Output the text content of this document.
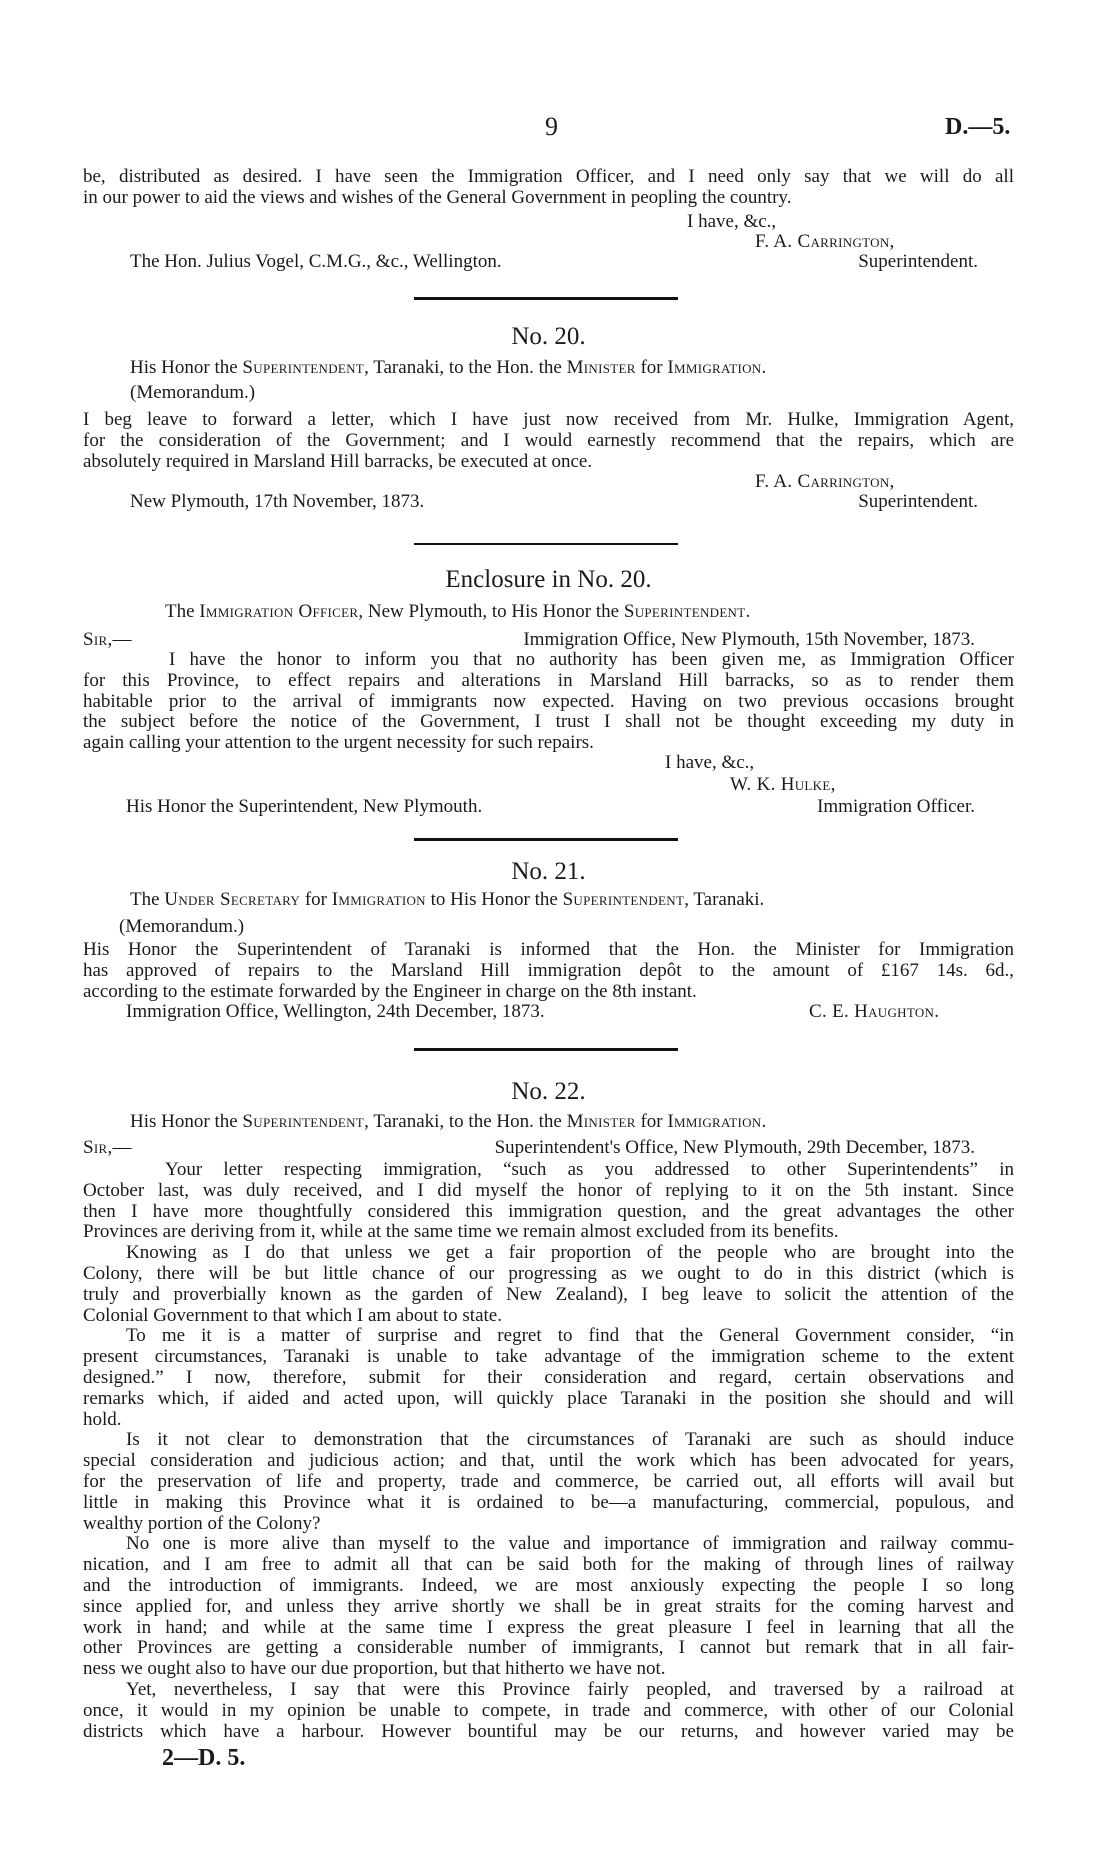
9	D.—5.
be, distributed as desired. I have seen the Immigration Officer, and I need only say that we will do all
in our power to aid the views and wishes of the General Government in peopling the country.
I have, &c.,
F. A. Carrington,
The Hon. Julius Vogel, C.M.G., &c., Wellington.	Superintendent.
No. 20.
His Honor the Superintendent, Taranaki, to the Hon. the Minister for Immigration.
(Memorandum.)
I beg leave to forward a letter, which I have just now received from Mr. Hulke, Immigration Agent,
for the consideration of the Government; and I would earnestly recommend that the repairs, which are
absolutely required in Marsland Hill barracks, be executed at once.
F. A. Carrington,
New Plymouth, 17th November, 1873.	Superintendent.
Enclosure in No. 20.
The Immigration Officer, New Plymouth, to His Honor the Superintendent.
Sir,—	Immigration Office, New Plymouth, 15th November, 1873.
I have the honor to inform you that no authority has been given me, as Immigration Officer
for this Province, to effect repairs and alterations in Marsland Hill barracks, so as to render them
habitable prior to the arrival of immigrants now expected. Having on two previous occasions brought
the subject before the notice of the Government, I trust I shall not be thought exceeding my duty in
again calling your attention to the urgent necessity for such repairs.
I have, &c.,
W. K. Hulke,
His Honor the Superintendent, New Plymouth.	Immigration Officer.
No. 21.
The Under Secretary for Immigration to His Honor the Superintendent, Taranaki.
(Memorandum.)
His Honor the Superintendent of Taranaki is informed that the Hon. the Minister for Immigration
has approved of repairs to the Marsland Hill immigration depôt to the amount of £167 14s. 6d.,
according to the estimate forwarded by the Engineer in charge on the 8th instant.
Immigration Office, Wellington, 24th December, 1873.	C. E. Haughton.
No. 22.
His Honor the Superintendent, Taranaki, to the Hon. the Minister for Immigration.
Sir,—	Superintendent's Office, New Plymouth, 29th December, 1873.
Your letter respecting immigration, “such as you addressed to other Superintendents” in
October last, was duly received, and I did myself the honor of replying to it on the 5th instant. Since
then I have more thoughtfully considered this immigration question, and the great advantages the other
Provinces are deriving from it, while at the same time we remain almost excluded from its benefits.
Knowing as I do that unless we get a fair proportion of the people who are brought into the
Colony, there will be but little chance of our progressing as we ought to do in this district (which is
truly and proverbially known as the garden of New Zealand), I beg leave to solicit the attention of the
Colonial Government to that which I am about to state.
To me it is a matter of surprise and regret to find that the General Government consider, “in
present circumstances, Taranaki is unable to take advantage of the immigration scheme to the extent
designed.” I now, therefore, submit for their consideration and regard, certain observations and
remarks which, if aided and acted upon, will quickly place Taranaki in the position she should and will
hold.
Is it not clear to demonstration that the circumstances of Taranaki are such as should induce
special consideration and judicious action; and that, until the work which has been advocated for years,
for the preservation of life and property, trade and commerce, be carried out, all efforts will avail but
little in making this Province what it is ordained to be—a manufacturing, commercial, populous, and
wealthy portion of the Colony?
No one is more alive than myself to the value and importance of immigration and railway commu-
nication, and I am free to admit all that can be said both for the making of through lines of railway
and the introduction of immigrants. Indeed, we are most anxiously expecting the people I so long
since applied for, and unless they arrive shortly we shall be in great straits for the coming harvest and
work in hand; and while at the same time I express the great pleasure I feel in learning that all the
other Provinces are getting a considerable number of immigrants, I cannot but remark that in all fair-
ness we ought also to have our due proportion, but that hitherto we have not.
Yet, nevertheless, I say that were this Province fairly peopled, and traversed by a railroad at
once, it would in my opinion be unable to compete, in trade and commerce, with other of our Colonial
districts which have a harbour. However bountiful may be our returns, and however varied may be
2—D. 5.
